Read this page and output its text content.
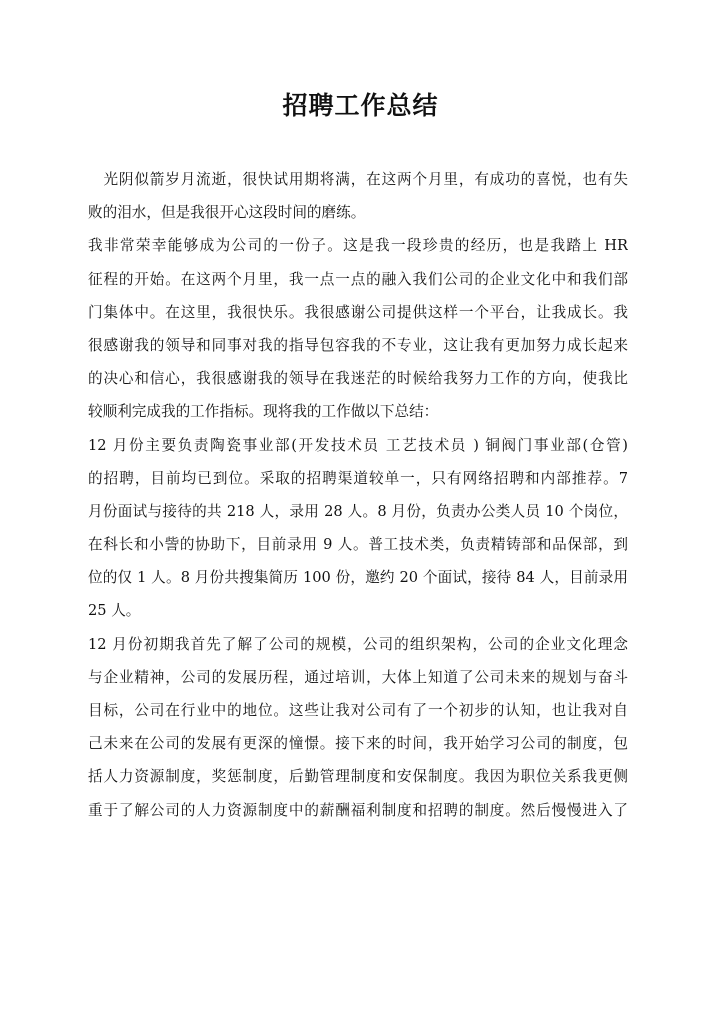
招聘工作总结
　光阴似箭岁月流逝，很快试用期将满，在这两个月里，有成功的喜悦，也有失
败的泪水，但是我很开心这段时间的磨练。
我非常荣幸能够成为公司的一份子。这是我一段珍贵的经历，也是我踏上 HR
征程的开始。在这两个月里，我一点一点的融入我们公司的企业文化中和我们部
门集体中。在这里，我很快乐。我很感谢公司提供这样一个平台，让我成长。我
很感谢我的领导和同事对我的指导包容我的不专业，这让我有更加努力成长起来
的决心和信心，我很感谢我的领导在我迷茫的时候给我努力工作的方向，使我比
较顺利完成我的工作指标。现将我的工作做以下总结：
12 月份主要负责陶瓷事业部(开发技术员 工艺技术员 ) 铜阀门事业部(仓管)
的招聘，目前均已到位。采取的招聘渠道较单一，只有网络招聘和内部推荐。7
月份面试与接待的共 218 人，录用 28 人。8 月份，负责办公类人员 10 个岗位，
在科长和小訾的协助下，目前录用 9 人。普工技术类，负责精铸部和品保部，到
位的仅 1 人。8 月份共搜集简历 100 份，邀约 20 个面试，接待 84 人，目前录用
25 人。
12 月份初期我首先了解了公司的规模，公司的组织架构，公司的企业文化理念
与企业精神，公司的发展历程，通过培训，大体上知道了公司未来的规划与奋斗
目标，公司在行业中的地位。这些让我对公司有了一个初步的认知，也让我对自
己未来在公司的发展有更深的憧憬。接下来的时间，我开始学习公司的制度，包
括人力资源制度，奖惩制度，后勤管理制度和安保制度。我因为职位关系我更侧
重于了解公司的人力资源制度中的薪酬福利制度和招聘的制度。然后慢慢进入了
